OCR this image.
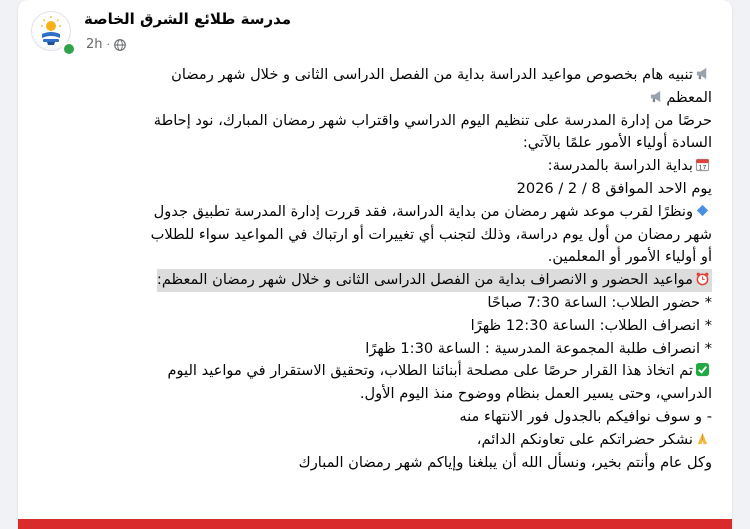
مدرسة طلائع الشرق الخاصة
2h ·
تنبيه هام بخصوص مواعيد الدراسة بداية من الفصل الدراسى الثانى و خلال شهر رمضان
المعظم
حرصًا من إدارة المدرسة على تنظيم اليوم الدراسي واقتراب شهر رمضان المبارك، نود إحاطة
السادة أولياء الأمور علمًا بالآتي:
17
بداية الدراسة بالمدرسة:
يوم الاحد الموافق 8 / 2 / 2026
ونظرًا لقرب موعد شهر رمضان من بداية الدراسة، فقد قررت إدارة المدرسة تطبيق جدول
شهر رمضان من أول يوم دراسة، وذلك لتجنب أي تغييرات أو ارتباك في المواعيد سواء للطلاب
أو أولياء الأمور أو المعلمين.
مواعيد الحضور و الانصراف بداية من الفصل الدراسى الثانى و خلال شهر رمضان المعظم:
* حضور الطلاب: الساعة 7:30 صباحًا
* انصراف الطلاب: الساعة 12:30 ظهرًا
* انصراف طلبة المجموعة المدرسية : الساعة 1:30 ظهرًا
تم اتخاذ هذا القرار حرصًا على مصلحة أبنائنا الطلاب، وتحقيق الاستقرار في مواعيد اليوم
الدراسي، وحتى يسير العمل بنظام ووضوح منذ اليوم الأول.
- و سوف نوافيكم بالجدول فور الانتهاء منه
نشكر حضراتكم على تعاونكم الدائم،
وكل عام وأنتم بخير، ونسأل الله أن يبلغنا وإياكم شهر رمضان المبارك
